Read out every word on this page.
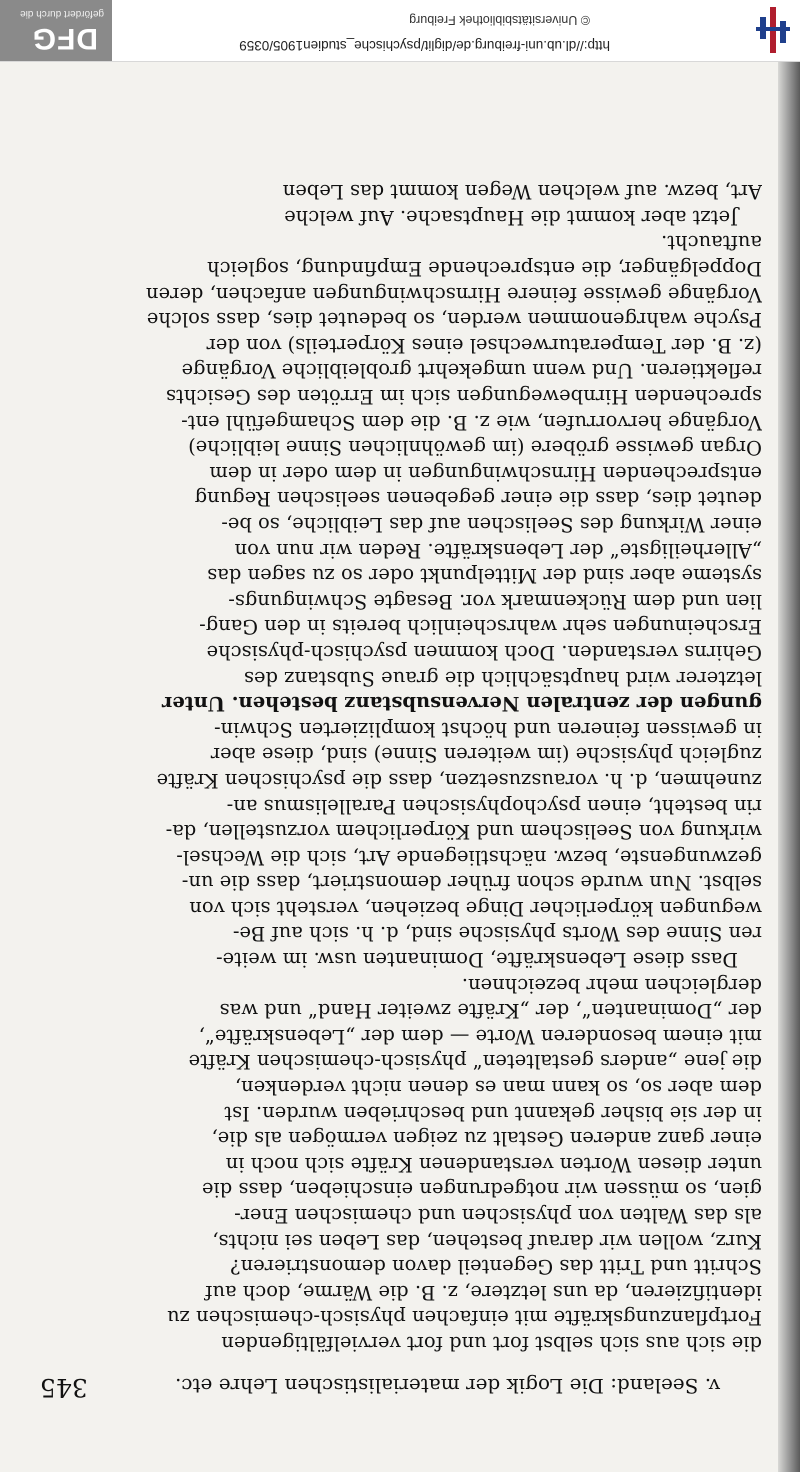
v. Seeland: Die Logik der materialistischen Lehre etc.
345
die sich aus sich selbst fort und fort vervielfältigenden
Fortpflanzungskräfte mit einfachen physisch-chemischen zu
identifizieren, da uns letztere, z. B. die Wärme, doch auf
Schritt und Tritt das Gegenteil davon demonstrieren?
Kurz, wollen wir darauf bestehen, das Leben sei nichts,
als das Walten von physischen und chemischen Ener-
gien, so müssen wir notgedrungen einschieben, dass die
unter diesen Worten verstandenen Kräfte sich noch in
einer ganz anderen Gestalt zu zeigen vermögen als die,
in der sie bisher gekannt und beschrieben wurden. Ist
dem aber so, so kann man es denen nicht verdenken,
die jene „anders gestalteten“ physisch-chemischen Kräfte
mit einem besonderen Worte — dem der „Lebenskräfte“,
der „Dominanten“, der „Kräfte zweiter Hand“ und was
dergleichen mehr bezeichnen.
Dass diese Lebenskräfte, Dominanten usw. im weite-
ren Sinne des Worts physische sind, d. h. sich auf Be-
wegungen körperlicher Dinge beziehen, versteht sich von
selbst. Nun wurde schon früher demonstriert, dass die un-
gezwungenste, bezw. nächstliegende Art, sich die Wechsel-
wirkung von Seelischem und Körperlichem vorzustellen, da-
rin besteht, einen psychophysischen Parallelismus an-
zunehmen, d. h. vorauszusetzen, dass die psychischen Kräfte
zugleich physische (im weiteren Sinne) sind, diese aber
in gewissen feineren und höchst komplizierten Schwin-
gungen der zentralen Nervensubstanz bestehen. Unter
letzterer wird hauptsächlich die graue Substanz des
Gehirns verstanden. Doch kommen psychisch-physische
Erscheinungen sehr wahrscheinlich bereits in den Gang-
lien und dem Rückenmark vor. Besagte Schwingungs-
systeme aber sind der Mittelpunkt oder so zu sagen das
„Allerheiligste“ der Lebenskräfte. Reden wir nun von
einer Wirkung des Seelischen auf das Leibliche, so be-
deutet dies, dass die einer gegebenen seelischen Regung
entsprechenden Hirnschwingungen in dem oder in dem
Organ gewisse gröbere (im gewöhnlichen Sinne leibliche)
Vorgänge hervorrufen, wie z. B. die dem Schamgefühl ent-
sprechenden Hirnbewegungen sich im Erröten des Gesichts
reflektieren. Und wenn umgekehrt grobleibliche Vorgänge
(z. B. der Temperaturwechsel eines Körperteils) von der
Psyche wahrgenommen werden, so bedeutet dies, dass solche
Vorgänge gewisse feinere Hirnschwingungen anfachen, deren
Doppelgänger, die entsprechende Empfindung, sogleich
auftaucht.
Jetzt aber kommt die Hauptsache. Auf welche
Art, bezw. auf welchen Wegen kommt das Leben
http://dl.ub.uni-freiburg.de/diglit/psychische_studien1905/0359
© Universitätsbibliothek Freiburg
DFG
gefördert durch die
